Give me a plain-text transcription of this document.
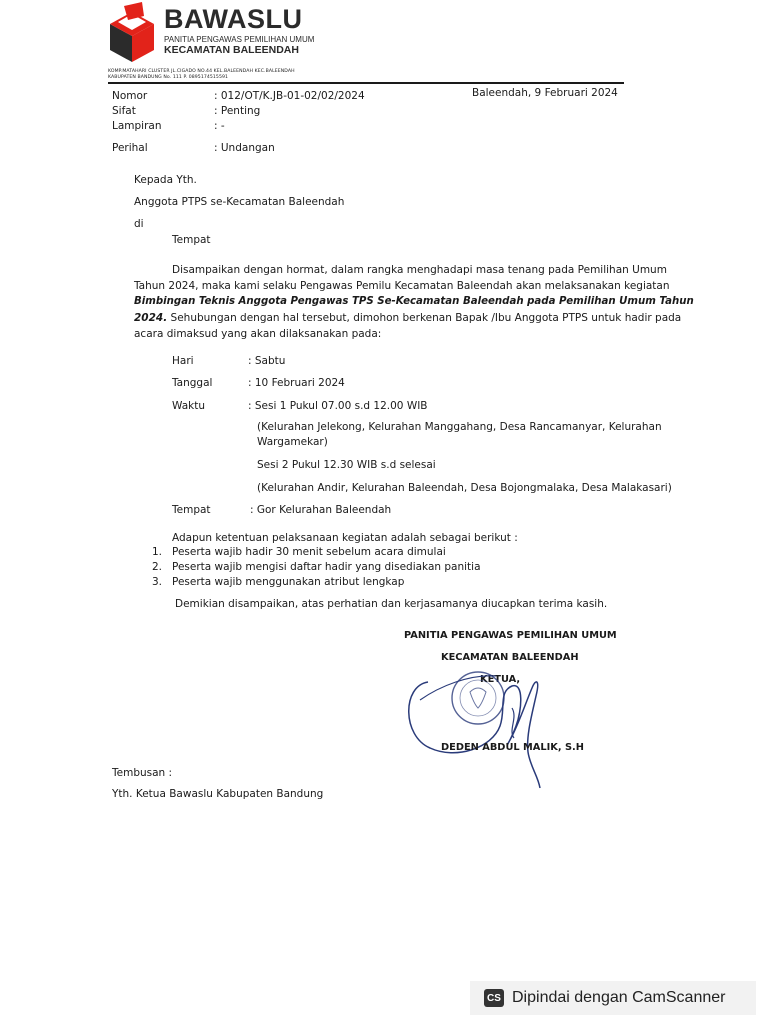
BAWASLU
PANITIA PENGAWAS PEMILIHAN UMUM
KECAMATAN BALEENDAH
KOMP.MATAHARI CLUSTER JL.CIGADO NO.44 KEL.BALEENDAH KEC.BALEENDAH
KABUPATEN BANDUNG No. 111 P. 0895174515591
Nomor	: 012/OT/K.JB-01-02/02/2024	Baleendah, 9 Februari 2024
Sifat	: Penting
Lampiran	: -
Perihal	: Undangan
Kepada Yth.
Anggota PTPS se-Kecamatan Baleendah
di
Tempat
Disampaikan dengan hormat, dalam rangka menghadapi masa tenang pada Pemilihan Umum
Tahun 2024, maka kami selaku Pengawas Pemilu Kecamatan Baleendah akan melaksanakan kegiatan
Bimbingan Teknis Anggota Pengawas TPS Se-Kecamatan Baleendah pada Pemilihan Umum Tahun
2024. Sehubungan dengan hal tersebut, dimohon berkenan Bapak /Ibu Anggota PTPS untuk hadir pada
acara dimaksud yang akan dilaksanakan pada:
Hari	: Sabtu
Tanggal	: 10 Februari 2024
Waktu	: Sesi 1 Pukul 07.00 s.d 12.00 WIB
(Kelurahan Jelekong, Kelurahan Manggahang, Desa Rancamanyar, Kelurahan
Wargamekar)
Sesi 2 Pukul 12.30 WIB s.d selesai
(Kelurahan Andir, Kelurahan Baleendah, Desa Bojongmalaka, Desa Malakasari)
Tempat	: Gor Kelurahan Baleendah
Adapun ketentuan pelaksanaan kegiatan adalah sebagai berikut :
1. Peserta wajib hadir 30 menit sebelum acara dimulai
2. Peserta wajib mengisi daftar hadir yang disediakan panitia
3. Peserta wajib menggunakan atribut lengkap
Demikian disampaikan, atas perhatian dan kerjasamanya diucapkan terima kasih.
PANITIA PENGAWAS PEMILIHAN UMUM
KECAMATAN BALEENDAH
KETUA,
DEDEN ABDUL MALIK, S.H
Tembusan :
Yth. Ketua Bawaslu Kabupaten Bandung
CS Dipindai dengan CamScanner
